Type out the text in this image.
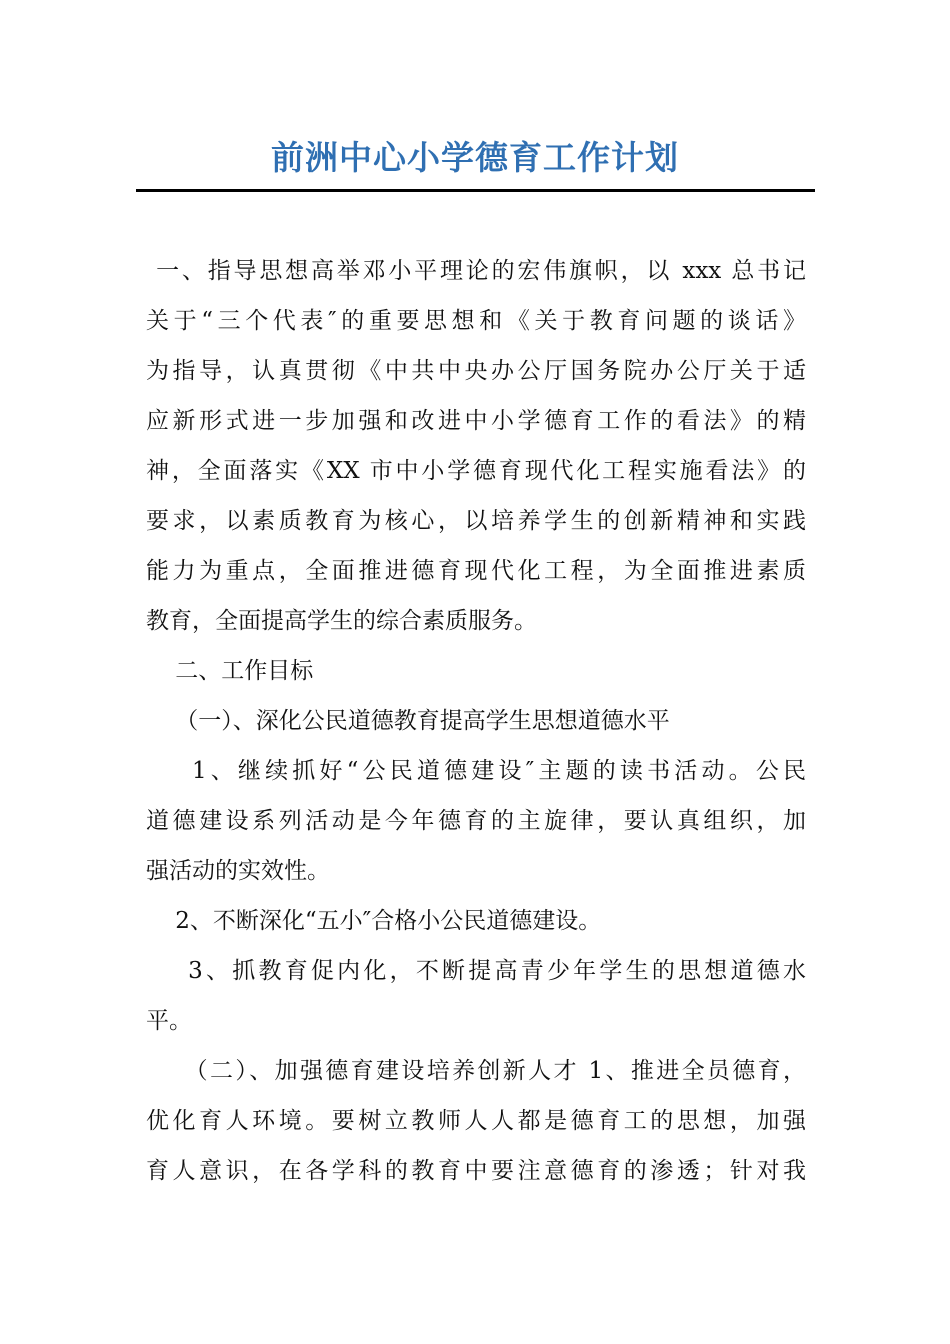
前洲中心小学德育工作计划
一、指导思想高举邓小平理论的宏伟旗帜，以 xxx 总书记
关于“三个代表″的重要思想和《关于教育问题的谈话》
为指导，认真贯彻《中共中央办公厅国务院办公厅关于适
应新形式进一步加强和改进中小学德育工作的看法》的精
神，全面落实《XX 市中小学德育现代化工程实施看法》的
要求，以素质教育为核心，以培养学生的创新精神和实践
能力为重点，全面推进德育现代化工程，为全面推进素质
教育，全面提高学生的综合素质服务。
二、工作目标
（一）、深化公民道德教育提高学生思想道德水平
1、继续抓好“公民道德建设″主题的读书活动。公民
道德建设系列活动是今年德育的主旋律，要认真组织，加
强活动的实效性。
2、不断深化“五小″合格小公民道德建设。
3、抓教育促内化，不断提高青少年学生的思想道德水
平。
（二）、加强德育建设培养创新人才 1、推进全员德育，
优化育人环境。要树立教师人人都是德育工的思想，加强
育人意识，在各学科的教育中要注意德育的渗透；针对我
